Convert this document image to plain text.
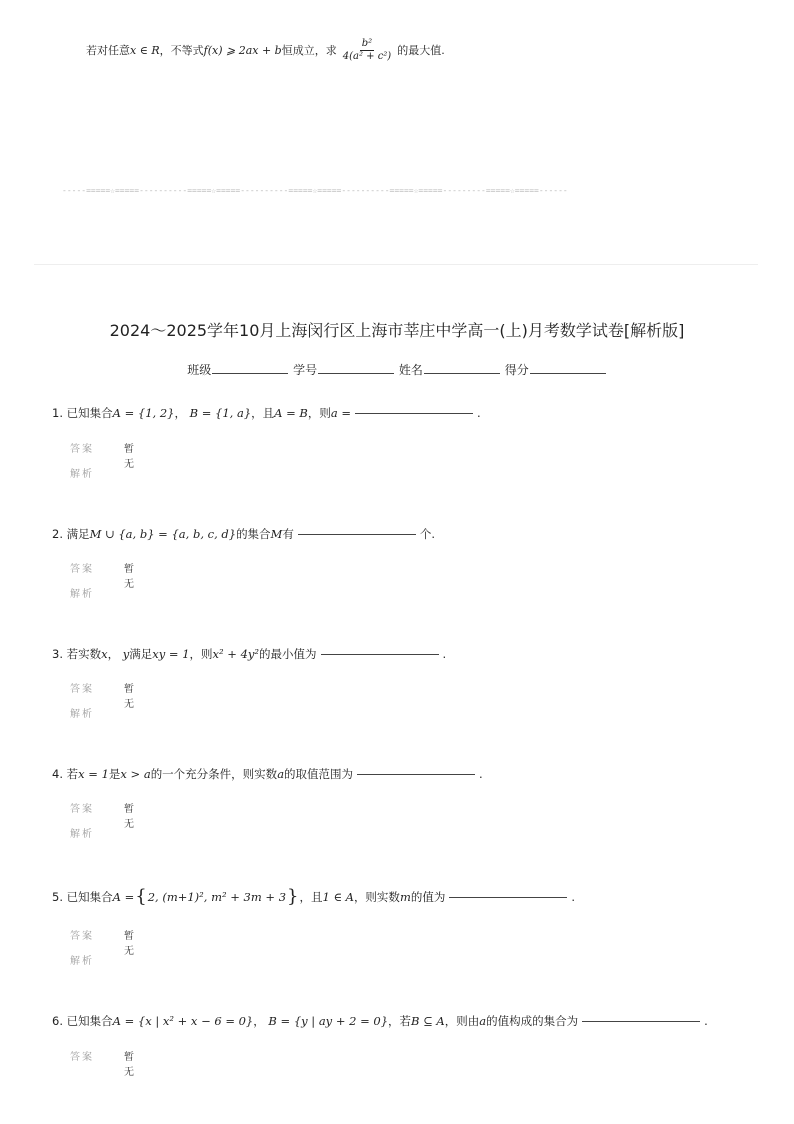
若对任意 x ∈ R ，不等式 f(x) ⩾ 2ax + b 恒成立，求 $\frac{\text{b²}}{\text{4(a² + c²)}}$ 的最大值.
-----=====☆=====----------=====☆=====----------=====☆=====----------=====☆=====---------=====☆=====------
2024～2025学年10月上海闵行区上海市莘庄中学高一(上)月考数学试卷[解析版]
班级	学号	姓名	得分
1.
已知集合 A = {1, 2} ，
B = {1, a} ，且 A = B ，则 a =	.
答案	暂无
解析
2.
满足 M ∪ {a, b} = {a, b, c, d} 的集合 M 有	个.
答案	暂无
解析
3.
若实数 x ，
y 满足 xy = 1 ，则 x² + 4y² 的最小值为	.
答案	暂无
解析
4.
若 x = 1 是 x > a 的一个充分条件，则实数 a 的取值范围为	.
答案	暂无
解析
5.
已知集合 A = { 2, (m+1)², m² + 3m + 3 } ，且 1 ∈ A ，则实数 m 的值为	.
答案	暂无
解析
6.
已知集合 A = {x | x² + x − 6 = 0} ，
B = {y | ay + 2 = 0} ，若 B ⊆ A ，则由 a 的值构成的集合为	.
答案	暂无
